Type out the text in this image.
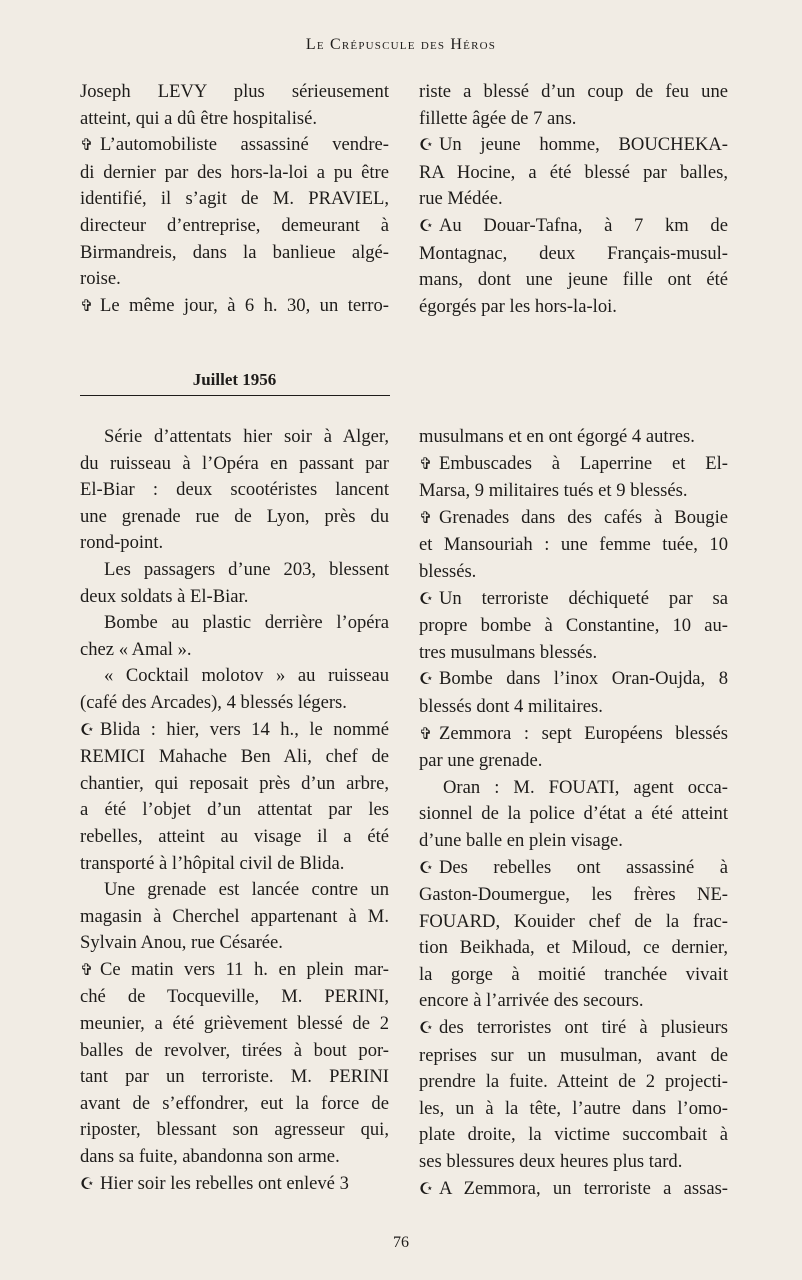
Le Crépuscule des Héros

Joseph LEVY plus sérieusement

atteint, qui a dû être hospitalisé.

✞ L’automobiliste assassiné vendre-

di dernier par des hors-la-loi a pu être

identifié, il s’agit de M. PRAVIEL,

directeur d’entreprise, demeurant à

Birmandreis, dans la banlieue algé-

roise.

✞ Le même jour, à 6 h. 30, un terro-

riste a blessé d’un coup de feu une

fillette âgée de 7 ans.

☪ Un jeune homme, BOUCHEKA-

RA Hocine, a été blessé par balles,

rue Médée.

☪ Au Douar-Tafna, à 7 km de

Montagnac, deux Français-musul-

mans, dont une jeune fille ont été

égorgés par les hors-la-loi.

Juillet 1956

Série d’attentats hier soir à Alger,

du ruisseau à l’Opéra en passant par

El-Biar : deux scootéristes lancent

une grenade rue de Lyon, près du

rond-point.

Les passagers d’une 203, blessent

deux soldats à El-Biar.

Bombe au plastic derrière l’opéra

chez « Amal ».

« Cocktail molotov » au ruisseau

(café des Arcades), 4 blessés légers.

☪ Blida : hier, vers 14 h., le nommé

REMICI Mahache Ben Ali, chef de

chantier, qui reposait près d’un arbre,

a été l’objet d’un attentat par les

rebelles, atteint au visage il a été

transporté à l’hôpital civil de Blida.

Une grenade est lancée contre un

magasin à Cherchel appartenant à M.

Sylvain Anou, rue Césarée.

✞ Ce matin vers 11 h. en plein mar-

ché de Tocqueville, M. PERINI,

meunier, a été grièvement blessé de 2

balles de revolver, tirées à bout por-

tant par un terroriste. M. PERINI

avant de s’effondrer, eut la force de

riposter, blessant son agresseur qui,

dans sa fuite, abandonna son arme.

☪ Hier soir les rebelles ont enlevé 3

musulmans et en ont égorgé 4 autres.

✞ Embuscades à Laperrine et El-

Marsa, 9 militaires tués et 9 blessés.

✞ Grenades dans des cafés à Bougie

et Mansouriah : une femme tuée, 10

blessés.

☪ Un terroriste déchiqueté par sa

propre bombe à Constantine, 10 au-

tres musulmans blessés.

☪ Bombe dans l’inox Oran-Oujda, 8

blessés dont 4 militaires.

✞ Zemmora : sept Européens blessés

par une grenade.

Oran : M. FOUATI, agent occa-

sionnel de la police d’état a été atteint

d’une balle en plein visage.

☪ Des rebelles ont assassiné à

Gaston-Doumergue, les frères NE-

FOUARD, Kouider chef de la frac-

tion Beikhada, et Miloud, ce dernier,

la gorge à moitié tranchée vivait

encore à l’arrivée des secours.

☪ des terroristes ont tiré à plusieurs

reprises sur un musulman, avant de

prendre la fuite. Atteint de 2 projecti-

les, un à la tête, l’autre dans l’omo-

plate droite, la victime succombait à

ses blessures deux heures plus tard.

☪ A Zemmora, un terroriste a assas-

76
